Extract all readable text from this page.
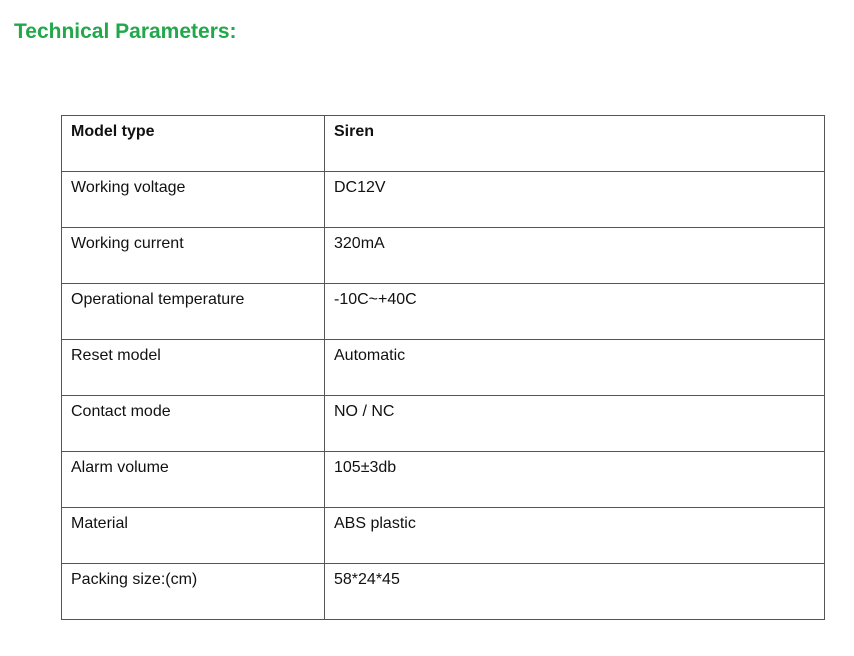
Technical Parameters:
Model type	Siren

Working voltage	DC12V

Working current	320mA

Operational temperature	-10C~+40C

Reset model	Automatic

Contact mode	NO / NC

Alarm volume	105±3db

Material	ABS plastic

Packing size:(cm)	58*24*45
